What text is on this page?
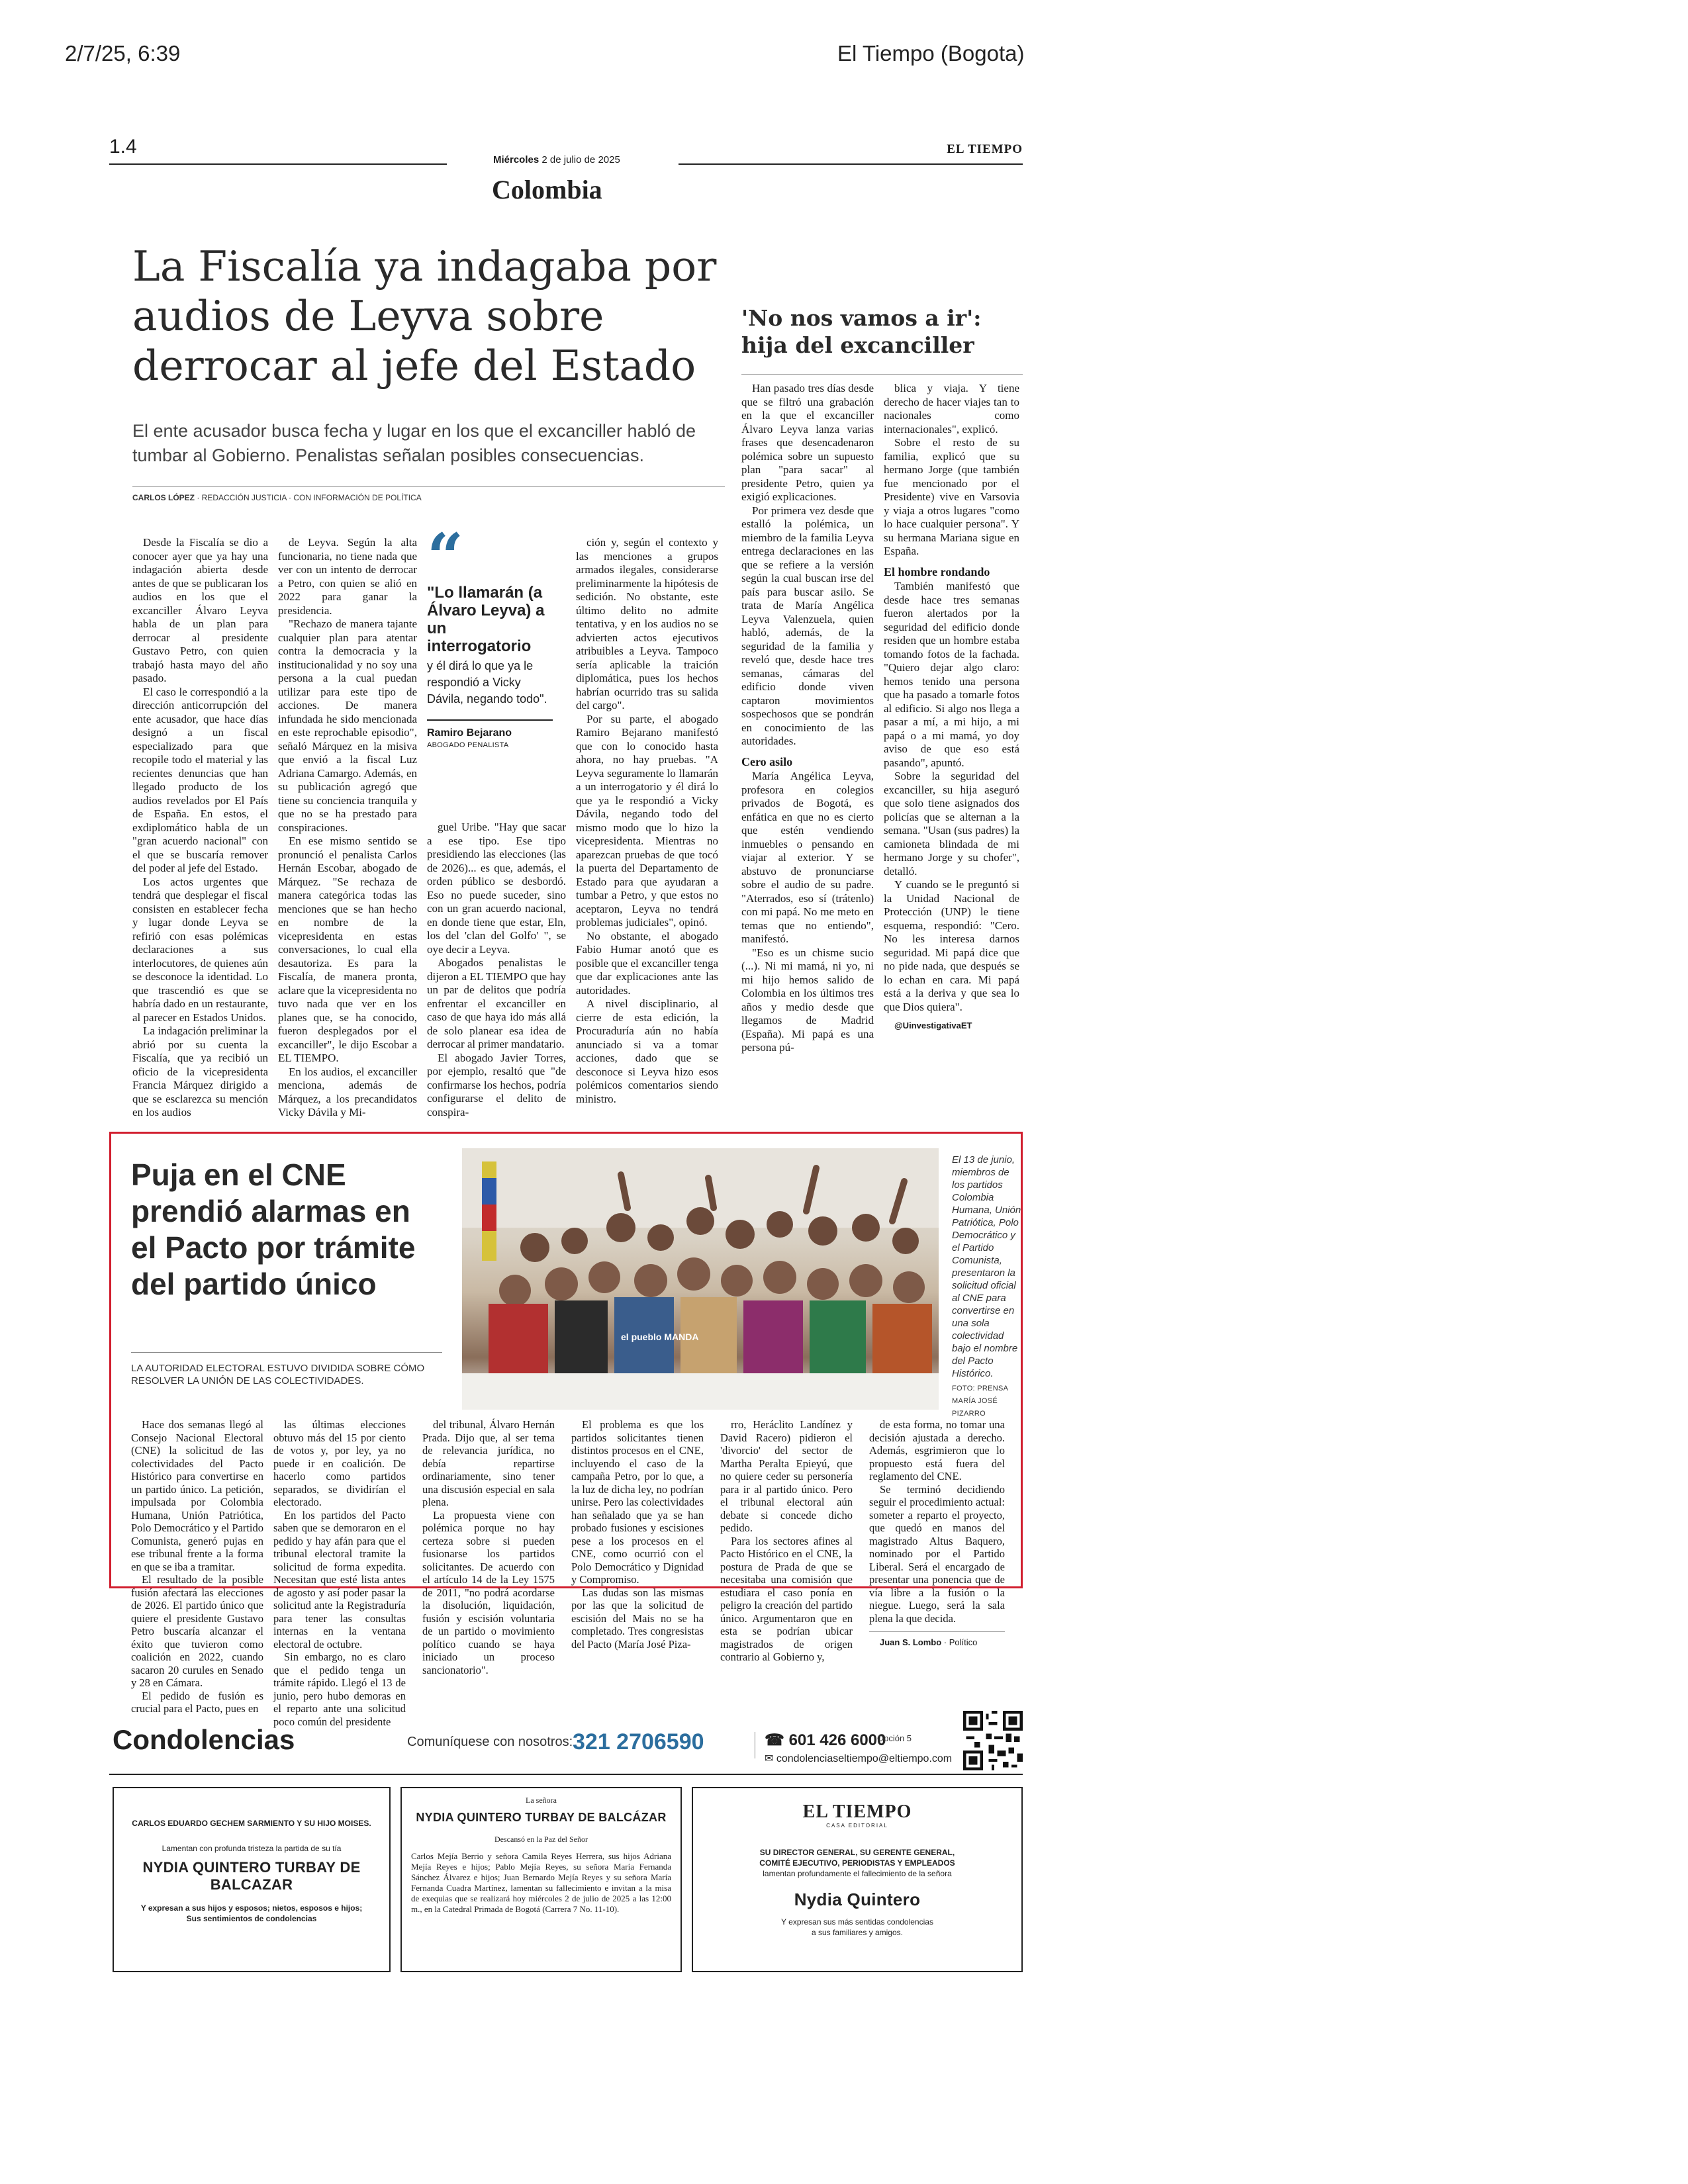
2/7/25, 6:39	El Tiempo (Bogota)
1.4
Miércoles 2 de julio de 2025
EL TIEMPO
Colombia
La Fiscalía ya indagaba por audios de Leyva sobre derrocar al jefe del Estado

El ente acusador busca fecha y lugar en los que el excanciller habló de tumbar al Gobierno. Penalistas señalan posibles consecuencias.

CARLOS LÓPEZ · REDACCIÓN JUSTICIA · CON INFORMACIÓN DE POLÍTICA

Desde la Fiscalía se dio a conocer ayer que ya hay una indagación abierta desde antes de que se publicaran los audios en los que el excanciller Álvaro Leyva habla de un plan para derrocar al presidente Gustavo Petro, con quien trabajó hasta mayo del año pasado.

El caso le correspondió a la dirección anticorrupción del ente acusador, que hace días designó a un fiscal especializado para que recopile todo el material y las recientes denuncias que han llegado producto de los audios revelados por El País de España. En estos, el exdiplomático habla de un "gran acuerdo nacional" con el que se buscaría remover del poder al jefe del Estado.

Los actos urgentes que tendrá que desplegar el fiscal consisten en establecer fecha y lugar donde Leyva se refirió con esas polémicas declaraciones a sus interlocutores, de quienes aún se desconoce la identidad. Lo que trascendió es que se habría dado en un restaurante, al parecer en Estados Unidos.

La indagación preliminar la abrió por su cuenta la Fiscalía, que ya recibió un oficio de la vicepresidenta Francia Márquez dirigido a que se esclarezca su mención en los audios

de Leyva. Según la alta funcionaria, no tiene nada que ver con un intento de derrocar a Petro, con quien se alió en 2022 para ganar la presidencia.

"Rechazo de manera tajante cualquier plan para atentar contra la democracia y la institucionalidad y no soy una persona a la cual puedan utilizar para este tipo de acciones. De manera infundada he sido mencionada en este reprochable episodio", señaló Márquez en la misiva que envió a la fiscal Luz Adriana Camargo. Además, en su publicación agregó que tiene su conciencia tranquila y que no se ha prestado para conspiraciones.

En ese mismo sentido se pronunció el penalista Carlos Hernán Escobar, abogado de Márquez. "Se rechaza de manera categórica todas las menciones que se han hecho en nombre de la vicepresidenta en estas conversaciones, lo cual ella desautoriza. Es para la Fiscalía, de manera pronta, aclare que la vicepresidenta no tuvo nada que ver en los planes que, se ha conocido, fueron desplegados por el excanciller", le dijo Escobar a EL TIEMPO.

En los audios, el excanciller menciona, además de Márquez, a los precandidatos Vicky Dávila y Mi-

“
"Lo llamarán (a Álvaro Leyva) a un interrogatorio
y él dirá lo que ya le respondió a Vicky Dávila, negando todo".
Ramiro Bejarano
ABOGADO PENALISTA

guel Uribe. "Hay que sacar a ese tipo. Ese tipo presidiendo las elecciones (las de 2026)... es que, además, el orden público se desbordó. Eso no puede suceder, sino con un gran acuerdo nacional, en donde tiene que estar, Eln, los del 'clan del Golfo' ", se oye decir a Leyva.

Abogados penalistas le dijeron a EL TIEMPO que hay un par de delitos que podría enfrentar el excanciller en caso de que haya ido más allá de solo planear esa idea de derrocar al primer mandatario.

El abogado Javier Torres, por ejemplo, resaltó que "de confirmarse los hechos, podría configurarse el delito de conspira-

ción y, según el contexto y las menciones a grupos armados ilegales, considerarse preliminarmente la hipótesis de sedición. No obstante, este último delito no admite tentativa, y en los audios no se advierten actos ejecutivos atribuibles a Leyva. Tampoco sería aplicable la traición diplomática, pues los hechos habrían ocurrido tras su salida del cargo".

Por su parte, el abogado Ramiro Bejarano manifestó que con lo conocido hasta ahora, no hay pruebas. "A Leyva seguramente lo llamarán a un interrogatorio y él dirá lo que ya le respondió a Vicky Dávila, negando todo del mismo modo que lo hizo la vicepresidenta. Mientras no aparezcan pruebas de que tocó la puerta del Departamento de Estado para que ayudaran a tumbar a Petro, y que estos no aceptaron, Leyva no tendrá problemas judiciales", opinó.

No obstante, el abogado Fabio Humar anotó que es posible que el excanciller tenga que dar explicaciones ante las autoridades.

A nivel disciplinario, al cierre de esta edición, la Procuraduría aún no había anunciado si va a tomar acciones, dado que se desconoce si Leyva hizo esos polémicos comentarios siendo ministro.

'No nos vamos a ir': hija del excanciller

Han pasado tres días desde que se filtró una grabación en la que el excanciller Álvaro Leyva lanza varias frases que desencadenaron polémica sobre un supuesto plan "para sacar" al presidente Petro, quien ya exigió explicaciones.

Por primera vez desde que estalló la polémica, un miembro de la familia Leyva entrega declaraciones en las que se refiere a la versión según la cual buscan irse del país para buscar asilo. Se trata de María Angélica Leyva Valenzuela, quien habló, además, de la seguridad de la familia y reveló que, desde hace tres semanas, cámaras del edificio donde viven captaron movimientos sospechosos que se pondrán en conocimiento de las autoridades.

Cero asilo

María Angélica Leyva, profesora en colegios privados de Bogotá, es enfática en que no es cierto que estén vendiendo inmuebles o pensando en viajar al exterior. Y se abstuvo de pronunciarse sobre el audio de su padre. "Aterrados, eso sí (trátenlo) con mi papá. No me meto en temas que no entiendo", manifestó.

"Eso es un chisme sucio (...). Ni mi mamá, ni yo, ni mi hijo hemos salido de Colombia en los últimos tres años y medio desde que llegamos de Madrid (España). Mi papá es una persona pú-

blica y viaja. Y tiene derecho de hacer viajes tan to nacionales como internacionales", explicó.

Sobre el resto de su familia, explicó que su hermano Jorge (que también fue mencionado por el Presidente) vive en Varsovia y viaja a otros lugares "como lo hace cualquier persona". Y su hermana Mariana sigue en España.

El hombre rondando

También manifestó que desde hace tres semanas fueron alertados por la seguridad del edificio donde residen que un hombre estaba tomando fotos de la fachada. "Quiero dejar algo claro: hemos tenido una persona que ha pasado a tomarle fotos al edificio. Si algo nos llega a pasar a mí, a mi hijo, a mi papá o a mi mamá, yo doy aviso de que eso está pasando", apuntó.

Sobre la seguridad del excanciller, su hija aseguró que solo tiene asignados dos policías que se alternan a la semana. "Usan (sus padres) la camioneta blindada de mi hermano Jorge y su chofer", detalló.

Y cuando se le preguntó si la Unidad Nacional de Protección (UNP) le tiene esquema, respondió: "Cero. No les interesa darnos seguridad. Mi papá dice que no pide nada, que después se lo echan en cara. Mi papá está a la deriva y que sea lo que Dios quiera".

@UinvestigativaET

Puja en el CNE prendió alarmas en el Pacto por trámite del partido único

LA AUTORIDAD ELECTORAL ESTUVO DIVIDIDA SOBRE CÓMO RESOLVER LA UNIÓN DE LAS COLECTIVIDADES.

el pueblo MANDA
El 13 de junio, miembros de los partidos Colombia Humana, Unión Patriótica, Polo Democrático y el Partido Comunista, presentaron la solicitud oficial al CNE para convertirse en una sola colectividad bajo el nombre del Pacto Histórico.
FOTO: PRENSA MARÍA JOSÉ PIZARRO

Hace dos semanas llegó al Consejo Nacional Electoral (CNE) la solicitud de las colectividades del Pacto Histórico para convertirse en un partido único. La petición, impulsada por Colombia Humana, Unión Patriótica, Polo Democrático y el Partido Comunista, generó pujas en ese tribunal frente a la forma en que se iba a tramitar.

El resultado de la posible fusión afectará las elecciones de 2026. El partido único que quiere el presidente Gustavo Petro buscaría alcanzar el éxito que tuvieron como coalición en 2022, cuando sacaron 20 curules en Senado y 28 en Cámara.

El pedido de fusión es crucial para el Pacto, pues en

las últimas elecciones obtuvo más del 15 por ciento de votos y, por ley, ya no puede ir en coalición. De hacerlo como partidos separados, se dividirían el electorado.

En los partidos del Pacto saben que se demoraron en el pedido y hay afán para que el tribunal electoral tramite la solicitud de forma expedita. Necesitan que esté lista antes de agosto y así poder pasar la solicitud ante la Registraduría para tener las consultas internas en la ventana electoral de octubre.

Sin embargo, no es claro que el pedido tenga un trámite rápido. Llegó el 13 de junio, pero hubo demoras en el reparto ante una solicitud poco común del presidente

del tribunal, Álvaro Hernán Prada. Dijo que, al ser tema de relevancia jurídica, no debía repartirse ordinariamente, sino tener una discusión especial en sala plena.

La propuesta viene con polémica porque no hay certeza sobre si pueden fusionarse los partidos solicitantes. De acuerdo con el artículo 14 de la Ley 1575 de 2011, "no podrá acordarse la disolución, liquidación, fusión y escisión voluntaria de un partido o movimiento político cuando se haya iniciado un proceso sancionatorio".

El problema es que los partidos solicitantes tienen distintos procesos en el CNE, incluyendo el caso de la campaña Petro, por lo que, a la luz de dicha ley, no podrían unirse. Pero las colectividades han señalado que ya se han probado fusiones y escisiones pese a los procesos en el CNE, como ocurrió con el Polo Democrático y Dignidad y Compromiso.

Las dudas son las mismas por las que la solicitud de escisión del Mais no se ha completado. Tres congresistas del Pacto (María José Piza-

rro, Heráclito Landínez y David Racero) pidieron el 'divorcio' del sector de Martha Peralta Epieyú, que no quiere ceder su personería para ir al partido único. Pero el tribunal electoral aún debate si concede dicho pedido.

Para los sectores afines al Pacto Histórico en el CNE, la postura de Prada de que se necesitaba una comisión que estudiara el caso ponía en peligro la creación del partido único. Argumentaron que en esta se podrían ubicar magistrados de origen contrario al Gobierno y,

de esta forma, no tomar una decisión ajustada a derecho. Además, esgrimieron que lo propuesto está fuera del reglamento del CNE.

Se terminó decidiendo seguir el procedimiento actual: someter a reparto el proyecto, que quedó en manos del magistrado Altus Baquero, nominado por el Partido Liberal. Será el encargado de presentar una ponencia que de vía libre a la fusión o la niegue. Luego, será la sala plena la que decida.

Juan S. Lombo · Político

Condolencias	Comuníquese con nosotros: 321 2706590	☎ 601 426 6000
Opción 5
✉ condolenciaseltiempo@eltiempo.com
CARLOS EDUARDO GECHEM SARMIENTO Y SU HIJO MOISES.
Lamentan con profunda tristeza la partida de su tía
NYDIA QUINTERO TURBAY DE BALCAZAR
Y expresan a sus hijos y esposos; nietos, esposos e hijos;
Sus sentimientos de condolencias
La señora
NYDIA QUINTERO TURBAY DE BALCÁZAR
Descansó en la Paz del Señor
Carlos Mejía Berrio y señora Camila Reyes Herrera, sus hijos Adriana Mejía Reyes e hijos; Pablo Mejía Reyes, su señora María Fernanda Sánchez Álvarez e hijos; Juan Bernardo Mejía Reyes y su señora María Fernanda Cuadra Martínez, lamentan su fallecimiento e invitan a la misa de exequias que se realizará hoy miércoles 2 de julio de 2025 a las 12:00 m., en la Catedral Primada de Bogotá (Carrera 7 No. 11-10).
EL TIEMPO
CASA EDITORIAL
SU DIRECTOR GENERAL, SU GERENTE GENERAL,
COMITÉ EJECUTIVO, PERIODISTAS Y EMPLEADOS
lamentan profundamente el fallecimiento de la señora
Nydia Quintero
Y expresan sus más sentidas condolencias
a sus familiares y amigos.
